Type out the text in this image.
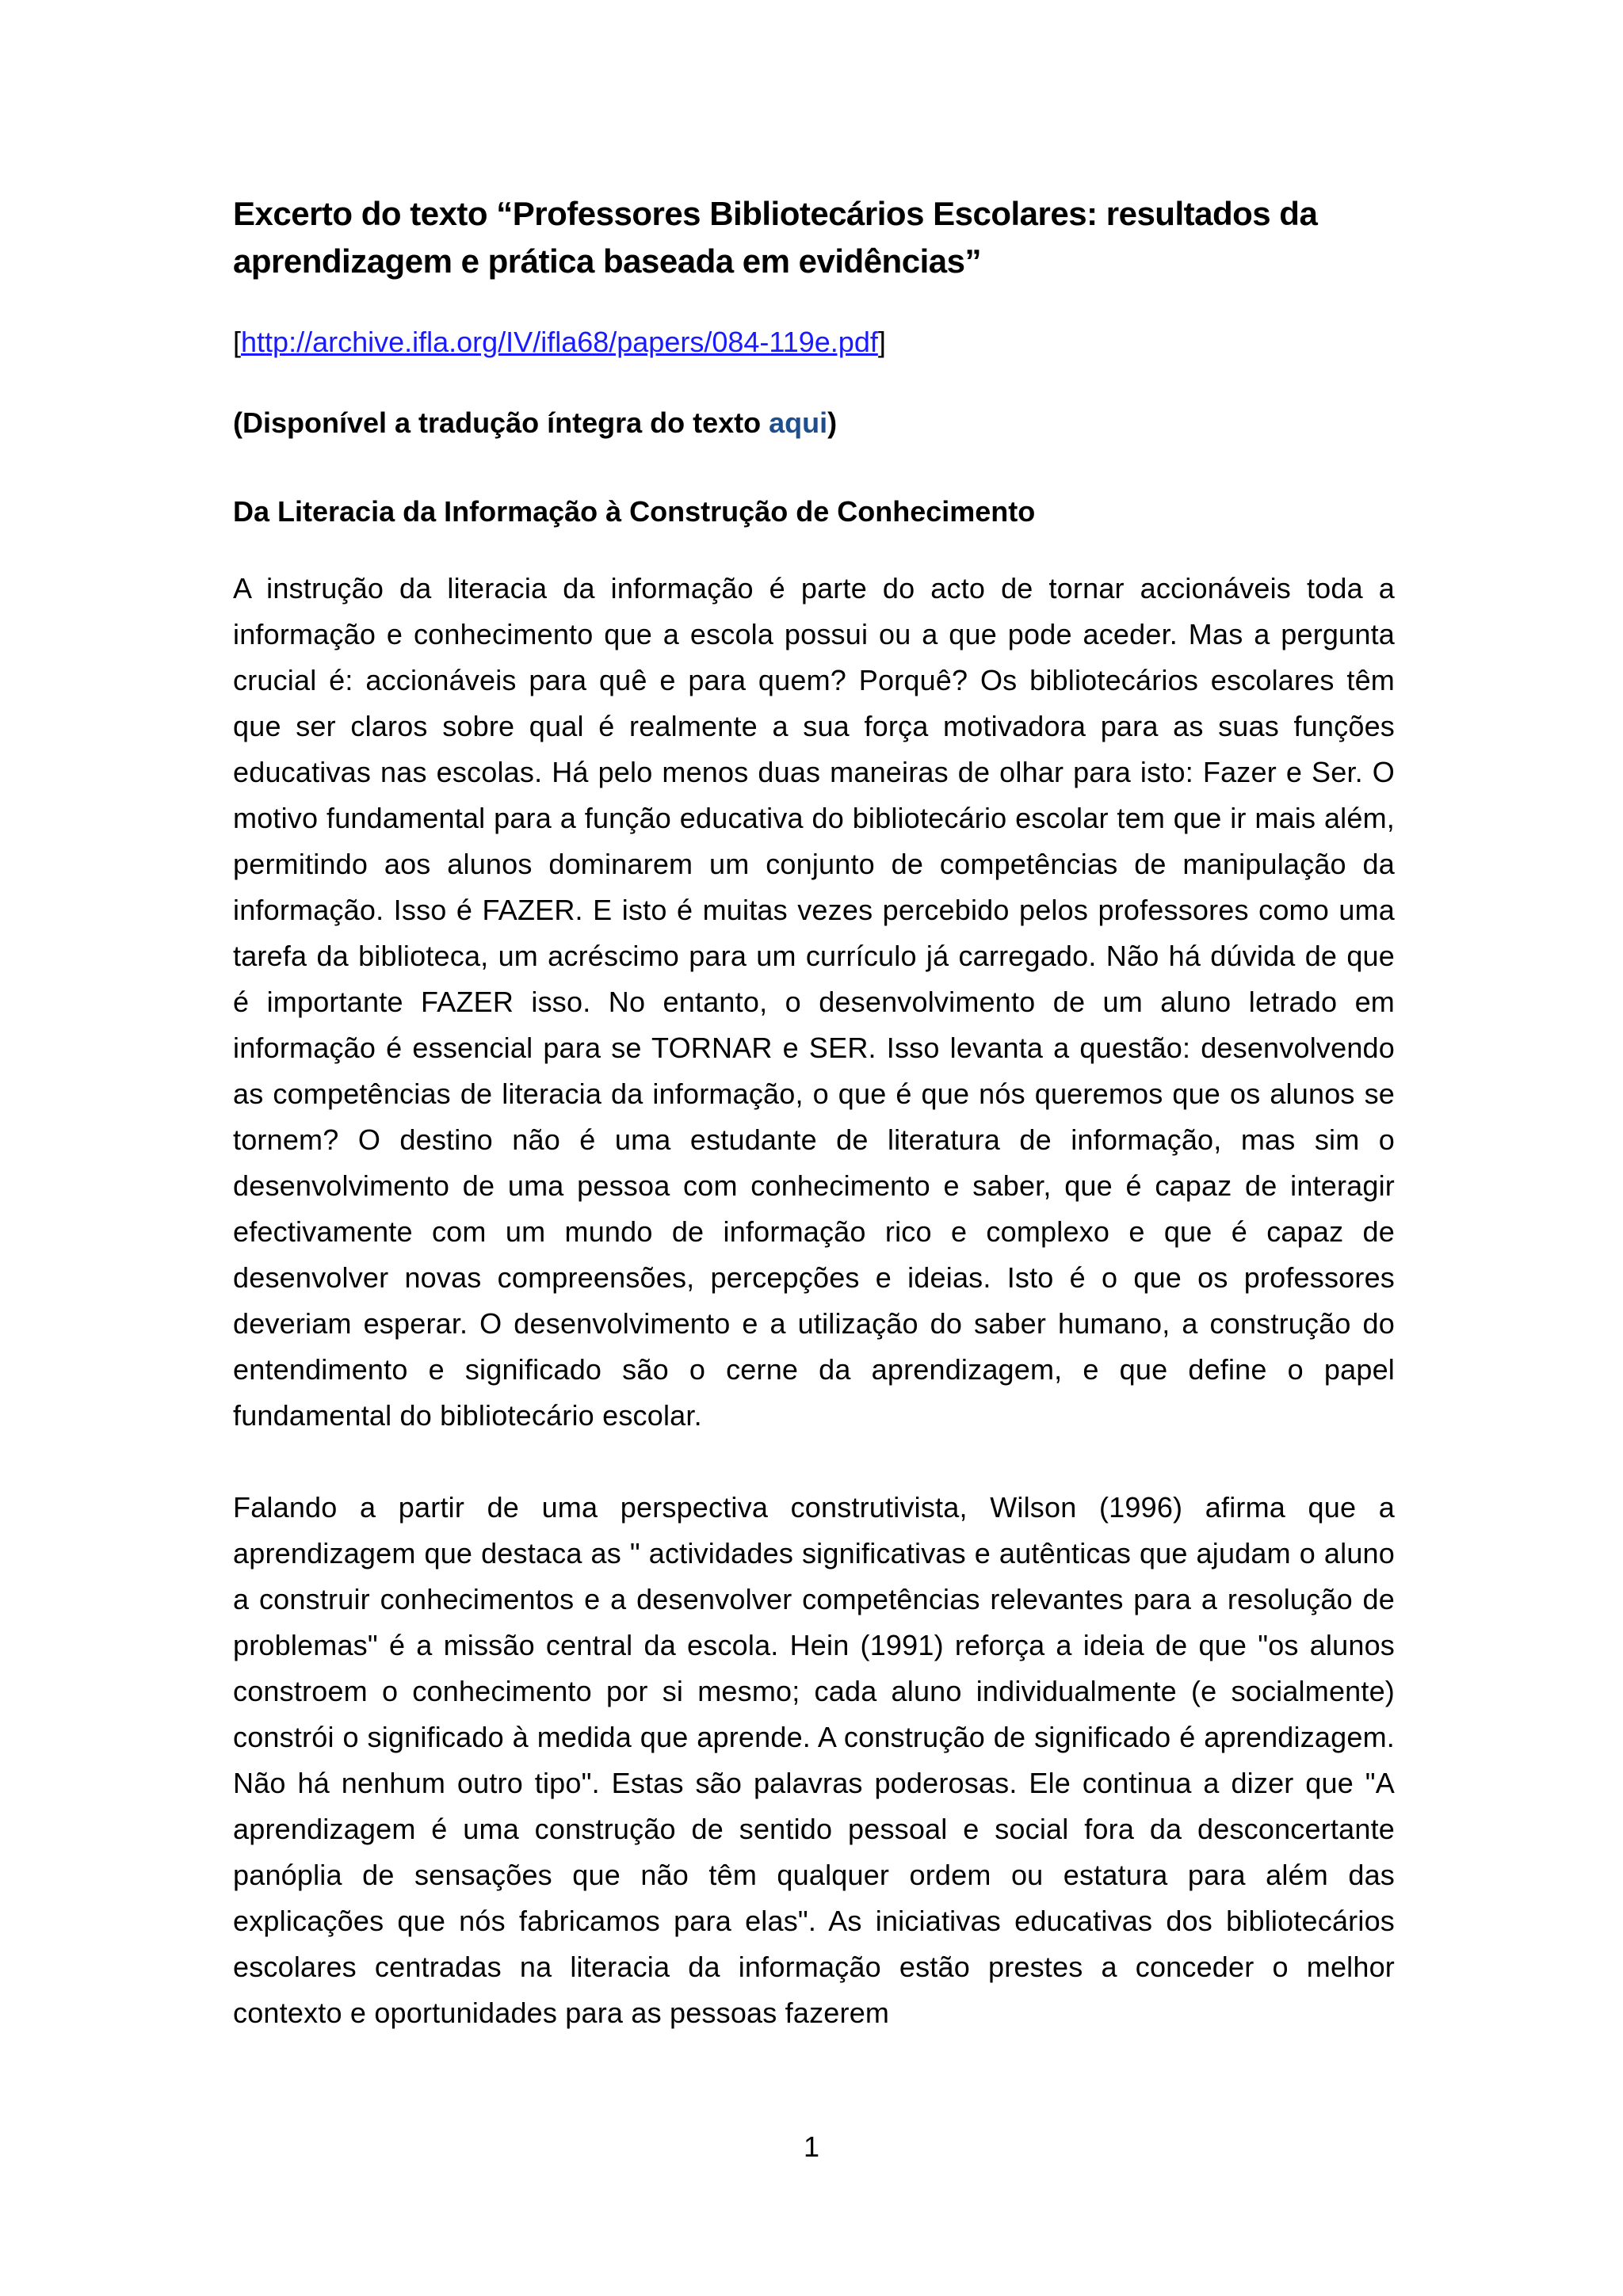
Excerto do texto “Professores Bibliotecários Escolares: resultados da aprendizagem e prática baseada em evidências”

[http://archive.ifla.org/IV/ifla68/papers/084-119e.pdf]

(Disponível a tradução íntegra do texto aqui)

Da Literacia da Informação à Construção de Conhecimento

A instrução da literacia da informação é parte do acto de tornar accionáveis toda a informação e conhecimento que a escola possui ou a que pode aceder. Mas a pergunta crucial é: accionáveis para quê e para quem? Porquê? Os bibliotecários escolares têm que ser claros sobre qual é realmente a sua força motivadora para as suas funções educativas nas escolas. Há pelo menos duas maneiras de olhar para isto: Fazer e Ser. O motivo fundamental para a função educativa do bibliotecário escolar tem que ir mais além, permitindo aos alunos dominarem um conjunto de competências de manipulação da informação. Isso é FAZER. E isto é muitas vezes percebido pelos professores como uma tarefa da biblioteca, um acréscimo para um currículo já carregado. Não há dúvida de que é importante FAZER isso. No entanto, o desenvolvimento de um aluno letrado em informação é essencial para se TORNAR e SER. Isso levanta a questão: desenvolvendo as competências de literacia da informação, o que é que nós queremos que os alunos se tornem? O destino não é uma estudante de literatura de informação, mas sim o desenvolvimento de uma pessoa com conhecimento e saber, que é capaz de interagir efectivamente com um mundo de informação rico e complexo e que é capaz de desenvolver novas compreensões, percepções e ideias. Isto é o que os professores deveriam esperar. O desenvolvimento e a utilização do saber humano, a construção do entendimento e significado são o cerne da aprendizagem, e que define o papel fundamental do bibliotecário escolar.

Falando a partir de uma perspectiva construtivista, Wilson (1996) afirma que a aprendizagem que destaca as " actividades significativas e autênticas que ajudam o aluno a construir conhecimentos e a desenvolver competências relevantes para a resolução de problemas" é a missão central da escola. Hein (1991) reforça a ideia de que "os alunos constroem o conhecimento por si mesmo; cada aluno individualmente (e socialmente) constrói o significado à medida que aprende. A construção de significado é aprendizagem. Não há nenhum outro tipo". Estas são palavras poderosas. Ele continua a dizer que "A aprendizagem é uma construção de sentido pessoal e social fora da desconcertante panóplia de sensações que não têm qualquer ordem ou estatura para além das explicações que nós fabricamos para elas". As iniciativas educativas dos bibliotecários escolares centradas na literacia da informação estão prestes a conceder o melhor contexto e oportunidades para as pessoas fazerem

1
